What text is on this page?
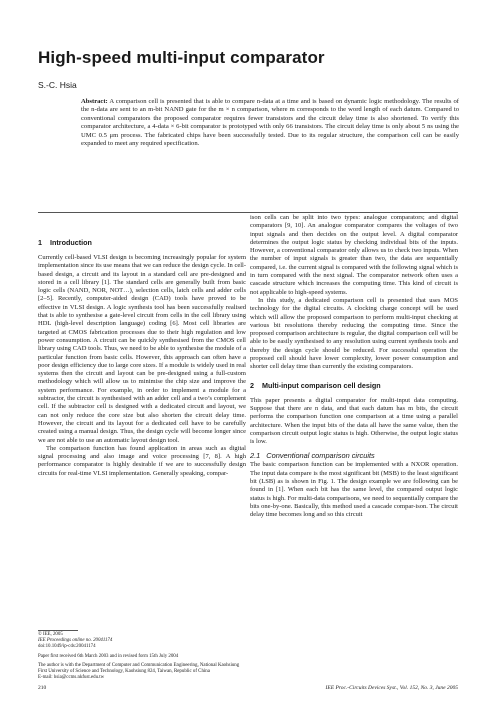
High-speed multi-input comparator
S.-C. Hsia

Abstract: A comparison cell is presented that is able to compare n-data at a time and is based on dynamic logic methodology. The results of the n-data are sent to an m-bit NAND gate for the m × n comparison, where m corresponds to the word length of each datum. Compared to conventional comparators the proposed comparator requires fewer transistors and the circuit delay time is also shortened. To verify this comparator architecture, a 4-data × 6-bit comparator is prototyped with only 66 transistors. The circuit delay time is only about 5 ns using the UMC 0.5 μm process. The fabricated chips have been successfully tested. Due to its regular structure, the comparison cell can be easily expanded to meet any required specification.

1 Introduction

Currently cell-based VLSI design is becoming increasingly popular for system implementation since its use means that we can reduce the design cycle. In cell-based design, a circuit and its layout in a standard cell are pre-designed and stored in a cell library [1]. The standard cells are generally built from basic logic cells (NAND, NOR, NOT…), selection cells, latch cells and adder cells [2–5]. Recently, computer-aided design (CAD) tools have proved to be effective in VLSI design. A logic synthesis tool has been successfully realised that is able to synthesise a gate-level circuit from cells in the cell library using HDL (high-level description language) coding [6]. Most cell libraries are targeted at CMOS fabrication processes due to their high regulation and low power consumption. A circuit can be quickly synthesised from the CMOS cell library using CAD tools. Thus, we need to be able to synthesise the module of a particular function from basic cells. However, this approach can often have a poor design efficiency due to large core sizes. If a module is widely used in real systems then the circuit and layout can be pre-designed using a full-custom methodology which will allow us to minimise the chip size and improve the system performance. For example, in order to implement a module for a subtractor, the circuit is synthesised with an adder cell and a two’s complement cell. If the subtractor cell is designed with a dedicated circuit and layout, we can not only reduce the core size but also shorten the circuit delay time. However, the circuit and its layout for a dedicated cell have to be carefully created using a manual design. Thus, the design cycle will become longer since we are not able to use an automatic layout design tool.

The comparison function has found application in areas such as digital signal processing and also image and voice processing [7, 8]. A high performance comparator is highly desirable if we are to successfully design circuits for real-time VLSI implementation. Generally speaking, compar-

ison cells can be split into two types: analogue comparators; and digital comparators [9, 10]. An analogue comparator compares the voltages of two input signals and then decides on the output level. A digital comparator determines the output logic status by checking individual bits of the inputs. However, a conventional comparator only allows us to check two inputs. When the number of input signals is greater than two, the data are sequentially compared, i.e. the current signal is compared with the following signal which is in turn compared with the next signal. The comparator network often uses a cascade structure which increases the computing time. This kind of circuit is not applicable to high-speed systems.

In this study, a dedicated comparison cell is presented that uses MOS technology for the digital circuits. A clocking charge concept will be used which will allow the proposed comparison to perform multi-input checking at various bit resolutions thereby reducing the computing time. Since the proposed comparison architecture is regular, the digital comparison cell will be able to be easily synthesised to any resolution using current synthesis tools and thereby the design cycle should be reduced. For successful operation the proposed cell should have lower complexity, lower power consumption and shorter cell delay time than currently the existing comparators.

2 Multi-input comparison cell design

This paper presents a digital comparator for multi-input data computing. Suppose that there are n data, and that each datum has m bits, the circuit performs the comparison function one comparison at a time using a parallel architecture. When the input bits of the data all have the same value, then the comparison circuit output logic status is high. Otherwise, the output logic status is low.

2.1 Conventional comparison circuits

The basic comparison function can be implemented with a NXOR operation. The input data compare is the most significant bit (MSB) to the least significant bit (LSB) as is shown in Fig. 1. The design example we are following can be found in [1]. When each bit has the same level, the compared output logic status is high. For multi-data comparisons, we need to sequentially compare the bits one-by-one. Basically, this method used a cascade compar-ison. The circuit delay time becomes long and so this circuit

© IEE, 2005
IEE Proceedings online no. 20041174
doi:10.1049/ip-cds:20041174
Paper first received 6th March 2003 and in revised form 15th July 2004
The author is with the Department of Computer and Communication Engineering, National Kaohsiung First University of Science and Technology, Kaohsiung 824, Taiwan, Republic of China
E-mail: hsia@ccms.nkfust.edu.tw
210	IEE Proc.-Circuits Devices Syst., Vol. 152, No. 3, June 2005
